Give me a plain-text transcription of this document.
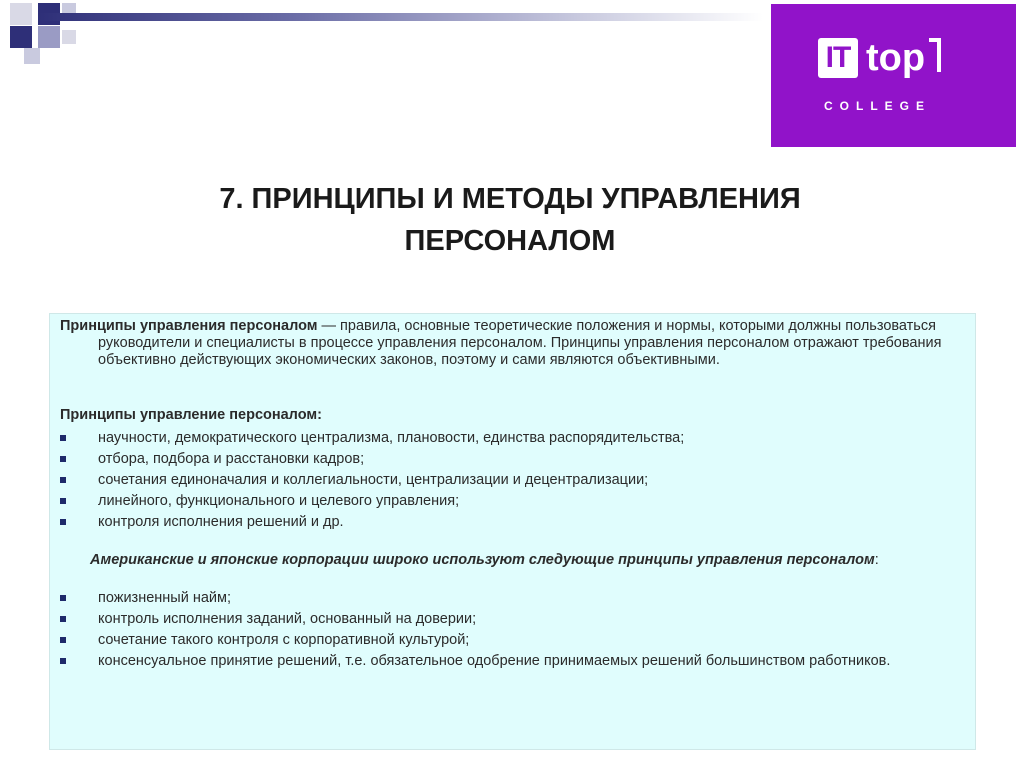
IT top
COLLEGE
7. ПРИНЦИПЫ И МЕТОДЫ УПРАВЛЕНИЯ
ПЕРСОНАЛОМ

Принципы управления персоналом — правила, основные теоретические положения и нормы, которыми должны пользоваться руководители и специалисты в процессе управления персоналом. Принципы управления персоналом отражают требования объективно действующих экономических законов, поэтому и сами являются объективными.

Принципы управление персоналом:
научности, демократического централизма, плановости, единства распорядительства;
отбора, подбора и расстановки кадров;
сочетания единоначалия и коллегиальности, централизации и децентрализации;
линейного, функционального и целевого управления;
контроля исполнения решений и др.
Американские и японские корпорации широко используют следующие принципы управления персоналом:
пожизненный найм;
контроль исполнения заданий, основанный на доверии;
сочетание такого контроля с корпоративной культурой;
консенсуальное принятие решений, т.е. обязательное одобрение принимаемых решений большинством работников.
